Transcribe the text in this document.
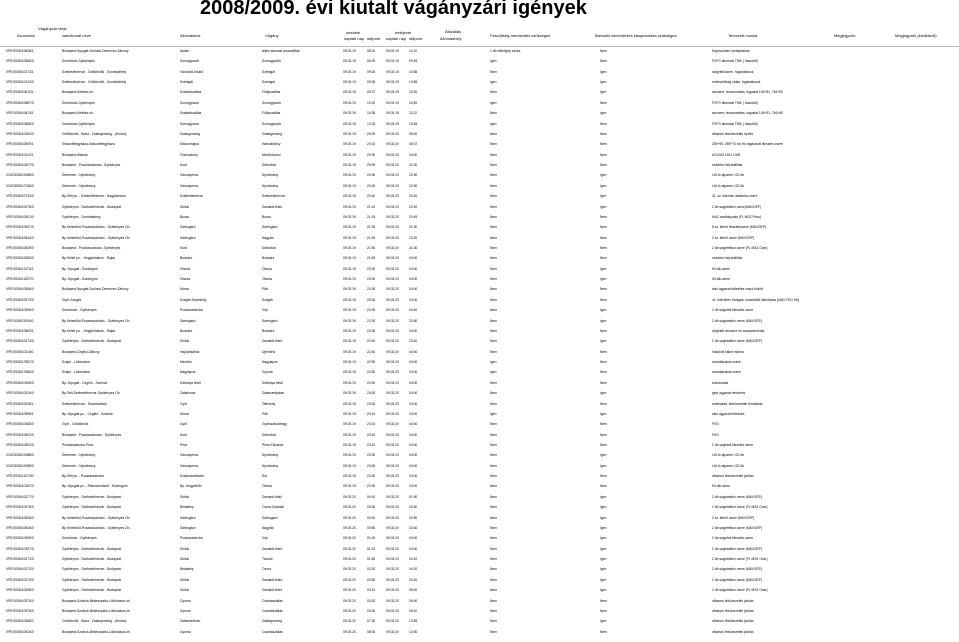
2008/2009. évi kiutalt vágányzári igények
Vágányzár ideje
Azonosító	vasútvonal neve	Állomásköz	Vágány
kezdete	befejezte
naptári nap időpont naptári nap időpont	Állomáshely
Átszállás
Feszültség-mentesítés szükséges	Biztosító-berendezés kikapcsolása szükséges	Tervezett munka	Megjegyzés	Megjegyzés (kivitelező)
VPE/2008/10638/1	Budapest-Nyugati-Szolnok-Debrecen-Záhony	Apafa	teljes átomasi áruszállítás	09.03.19	08:10	09.03.19	12:10	1 db kitérőgép szüks.	Nem	Kapcsolóterí karbantartás
VPE/2008/10586/0	Dombóvár-Gyékényes	Somogyszob	Somogyszob	09.03.19	06:20	09.03.19	09:45	Igen	Nem	FVFG átlomasi TMK ( Vasútvill)
VPE/2008/10173/1	Székesfehérvár - Celldömölk - Szombathely	Városlőd-Kislőd	Szentgál	09.03.19	09:20	09.03.19	10:55	Nem	Igen	szigetelőcsere, fogaslatosok
VPE/2008/10124/0	Székesfehérvár - Celldömölk - Szombathely	Szentgál	Szentgál	09.03.19	09:30	09.03.19	14:55	Igen	Igen	sínfeszültség oldás, fogaslatosok
VPE/2008/10612/1	Budapest-Kelebia-oh.	Szabadszállás	Fülöpszállás	09.03.19	09:37	09.03.19	10:20	Nem	Igen	sincsere, feszdombiás, fogaslat 145+51, 746+80
VPE/2008/10587/0	Dombóvár-Gyékényes	Somogyszob	Somogyszob	09.03.19	10:20	09.03.19	11:55	Igen	Nem	FVFG átlomasi TMK ( Vasútvill)
VPE/2008/10613/1	Budapest-Kelebia-oh.	Szabadszállás	Fülöpszállás	09.03.19	10:35	09.03.19	11:22	Nem	Igen	sincsere, feszdombiás, fogaslat 145+51, 746+80
VPE/2008/10588/0	Dombóvár-Gyékényes	Somogyszob	Somogyszob	09.03.19	12:20	09.03.19	13:45	Igen	Nem	FVFG átlomasi TMK ( Vasútvill)
VPE/2008/10354/0	Celldömölk - Boba - Zalaegerszeg - (Hodos)	Zalaegerszeg	Zalaegerszeg	09.03.19	20:00	09.03.20	05:00	Nem	Nem	villamos felsővezeték építés
VPE/2008/10509/1	Kiskunfélegyháza-Kiskunfélegyháza	Kiskunmajsa	Harkakötöny	09.03.19	20:10	09.03.20	05:37	Nem	Nem	259+95, 269+70 sín és ragasztott illesztés csere
VPE/2008/10112/1	Budapest-Miskolc	Füzesabony	Mezőkövesd	09.03.19	20:30	09.03.20	04:00	Nem	Nem	AS1263,1301,1309
VPE/2008/10027/0	Budapest - Pusztaszabolcs- Gyékényes	Kurd	Döbrökön	09.03.19	20:25	09.03.20	21:30	Nem	Nem	síntörés helyreállítás
VGZ/2008/10085/0	Debrecen - Nyírábrány	Vámospércs	Nyírábrány	09.03.19	20:30	09.03.20	22:50	Nem	Igen	LM vk.aljcsere 122 db
VGZ/2008/17326/0	Debrecen - Nyírábrány	Vámospércs	Nyírábrány	09.03.19	20:30	09.03.20	22:50	Nem	Igen	LM vk.aljcsere 122 db
VPE/2008/10733/0	Bp.Déli pu. - Székesfehérvár - Nagykanizsa	Székesfehérvár	Székesfehérvár	09.03.19	20:40	09.03.20	04:20	Nem	Igen	31. sz. kitérően alkatrész csere
VPE/2008/10276/0	Gyékényes - Székesfehérvár - Budapest	Siófok	Zamárdi-felső	09.03.19	21:10	09.03.20	22:40	Nem	Igen	2 db szigeteltsín csere(MÁVGÉP)
VPE/2008/10401/0	Gyékényes - Szombathely	Bucsu	Bucsu	09.03.19	21:15	09.03.20	03:45	Nem	Nem	KÁG szabályozás (FL MSZ Pécs)
VPE/2008/10547/0	Bp Kelenföld-Pusztaszabolcs - Gyékényes Oh.	Sárbogárd	Sárbogárd	09.03.19	21:30	09.03.20	21:30	Nem	Nem	8 sz. kitérő felszállócsere (MÁVGÉP)
VPE/2008/10544/0	Bp Kelenföld-Pusztaszabolcs - Gyékényes Oh.	Sárbogárd	Nagylók	09.03.19	21:40	09.03.20	23:20	Nem	Nem	2 sz. kitérő csere (MÁVGÉP)
VPE/2008/10539/0	Budapest - Pusztaszabolcs- Gyékényes	Kurd	Döbrökön	09.03.19	21:50	09.03.20	21:30	Nem	Nem	2 db szigeteltsín csere (FL MSZ Ovar)
VPE/2008/10083/0	Bp.Keleti pu. - Hegyeshalom - Rajka	Budaörs	Budaörs	09.03.19	21:50	09.03.20	04:00	Nem	Nem	síntörés helyreállítás
VPE/2008/11470/2	Bp.-Nyugati - Esztergom	Óbuda	Óbuda	09.03.19	22:00	09.03.20	04:00	Nem	Igen	Kit.alk.csere
VPE/2008/11527/0	Bp.-Nyugati - Esztergom	Óbuda	Óbuda	09.03.19	22:00	09.03.20	04:00	Nem	Igen	Kit.alk.csere
VPE/2008/10066/0	Budapest-Nyugati-Szolnok-Debrecen-Záhony	Monor	Pilis	09.03.19	22:00	09.03.20	04:00	Nem	Nem	alsó ágyazat tellesítés vasút között
VPE/2008/10973/0	Győr-Szegeli	Szegeli-Szembély	Szegeli	09.03.19	22:00	09.03.20	04:00	Nem	Nem	41. kitérőben fűvágás, összekötő kitérőakás (MÁV FKG Kft)
VPE/2008/10396/0	Dombóvár - Gyékényes	Pusztaszabolcs	Vép	09.03.19	22:00	09.03.20	04:40	Nem	Igen	2 db szigetelt illesztés csere
VPE/2008/11054/0	Bp Kelenföld-Pusztaszabolcs - Gyékényes Oh.	Sárbogárd	Sárbogárd	09.03.19	22:30	09.03.20	22:50	Nem	Igen	2 db szigeteltsín csere (MÁVGÉP)
VPE/2008/10583/1	Bp.Keleti pu. - Hegyeshalom - Rajka	Budaörs	Budaörs	09.03.19	22:30	09.03.20	04:00	Nem	Nem	szigetelt sincsere és csavarabürítás
VPE/2008/10273/0	Gyékényes - Székesfehérvár - Budapest	Siófok	Zamárdi-felső	09.03.19	22:40	09.03.20	23:40	Nem	Igen	2 db szigeteltsín csere (MÁVGÉP)
VPE/2008/10115/0	Budapest-Cegléd-Záhony	Hajdúhadház	Újfehértó	09.03.19	22:40	09.03.20	04:00	Nem	Nem	Vasútvill kábel munka
VPE/2008/17587/0	Szajol - Lőkösháza	Mezőtúr	Nagylapos	09.03.19	22:50	09.03.20	04:00	Igen	Nem	sínvállacskás csere
VPE/2008/17586/0	Szajol - Lőkösháza	Nagylapos	Gyoma	09.03.19	22:50	09.03.20	04:00	Igen	Nem	sínvállacskás csere
VPE/2008/10396/0	Bp.-Nyugati - Cegléd - Szolnok	Kőbánya felső	Kőbánya felső	09.03.19	22:50	09.03.20	04:00	Nem	Nem	sínharadás
VPE/2008/10215/0	Bp.Déli-Székesfehérvár-Gyékényes Oh.	Zalakomár	Zalaszentjakab	09.03.19	23:00	09.03.20	04:00	Nem	Igen	gépi ágyazat rendezés
VPE/2008/10035/1	Székesfehérvár - Szombathely	Győr	Öttevény	09.03.19	23:00	09.03.20	04:00	Nem	Nem	sínlerakás, felsővezeték fenntartás
VPE/2008/10596/1	Bp.-Nyugati pu. - Cegléd - Szolnok	Monor	Pilis	09.03.19	23:10	09.03.20	04:00	Igen	Igen	alsó ágyazat tellesítés
VPE/2008/10485/0	Győr - Celldömölk	Győr	Győrszabadhegy	09.03.19	23:10	09.03.20	04:00	Nem	Nem	FKG
VPE/2008/10502/0	Budapest - Pusztaszabolcs - Gyékényes	Kurd	Döbrökön	09.03.19	23:10	09.03.20	04:00	Nem	Nem	FKG
VPE/2008/10502/0	Pusztaszabolcs-Pécs	Pécs	Pécs-Külváros	09.03.19	23:10	09.03.20	04:00	Nem	Nem	2 db szigetelt illesztés csere
VGZ/2008/10088/0	Debrecen - Nyírábrány	Vámospércs	Nyírábrány	09.03.19	23:30	09.03.20	04:00	Nem	Igen	LM vk.aljcsere 122 db
VGZ/2008/10089/0	Debrecen - Nyírábrány	Vámospércs	Nyírábrány	09.03.19	23:30	09.03.20	04:00	Nem	Igen	LM vk.aljcsere 122 db
VPE/2008/11070/0	Bp.Déli pu. - Pusztaszabolcs	Százhalombatta	Érd	09.03.19	23:30	09.03.20	04:00	Nem	Nem	villamos felsővezeték javítás
VPE/2008/10187/0	Bp.-Nyugati pu. - Rákosrendező - Esztergom	Bp.-Angyalföld	Óbuda	09.03.19	23:30	09.03.20	04:00	Nem	Nem	Kit.alk.csere
VPE/2008/10277/0	Gyékényes - Székesfehérvár - Budapest	Siófok	Zamárdi-felső	09.03.20	00:10	09.03.20	01:50	Nem	Igen	2 db szigeteltsín csere (MÁVGÉP)
VPE/2008/10278/0	Gyékényes - Székesfehérvár - Budapest	Bélatelep	Ozora-Szabadi	09.03.20	00:30	09.03.20	02:50	Nem	Igen	2 db szigeteltsín csere (FL MSZ Ovar)
VPE/2008/10545/0	Bp Kelenföld-Pusztaszabolcs - Gyékényes Oh.	Sárbogárd	Sárbogárd	09.03.20	00:40	09.03.20	02:50	Nem	Igen	2 sz. kitérő csere (MÁVGÉP)
VPE/2008/10546/0	Bp Kelenföld-Pusztaszabolcs - Gyékényes Oh.	Sárbogárd	Nagylók	09.03.20	00:50	09.03.20	03:40	Nem	Igen	2 db szigeteltsín csere (MÁVGÉP)
VPE/2008/10396/0	Dombóvár - Gyékényes	Pusztaszabolcs	Vép	09.03.20	01:00	09.03.20	04:00	Nem	Igen	2 db szigetelt illesztés csere
VPE/2008/10397/0	Gyékényes - Székesfehérvár - Budapest	Siófok	Zamárdi-felső	09.03.20	01:10	09.03.20	04:00	Nem	Igen	2 db szigeteltsín csere (MÁVGÉP)
VPE/2008/10271/0	Gyékényes - Székesfehérvár - Budapest	Siófok	Tiszaőr	09.03.20	01:50	09.03.20	04:10	Nem	Igen	2 db szigeteltsín csere (FL MSZ Ovar)
VPE/2008/10272/0	Gyékényes - Székesfehérvár - Budapest	Bélatelep	Ozora	09.03.20	02:20	09.03.20	04:20	Nem	Igen	2 db szigeteltsín csere (MÁVGÉP)
VPE/2008/10279/0	Gyékényes - Székesfehérvár - Budapest	Siófok	Zamárdi-felső	09.03.20	02:50	09.03.20	04:20	Nem	Igen	2 db szigeteltsín csere (MÁVGÉP)
VPE/2008/10398/0	Gyékényes - Székesfehérvár - Budapest	Siófok	Zamárdi-felső	09.03.20	03:10	09.03.20	05:00	Nem	Igen	2 db szigeteltsín csere (FL MSZ Ovar)
VPE/2008/10375/0	Budapest-Szolnok-Békéscsaba-Lőkösháza-oh.	Gyoma	Csárdaszállás	09.03.20	03:20	09.03.20	05:00	Nem	Nem	villamos felsővezeték javítás
VPE/2008/10376/0	Budapest-Szolnok-Békéscsaba-Lőkösháza-oh.	Gyoma	Csárdaszállás	09.03.20	03:30	09.03.20	05:10	Nem	Nem	villamos felsővezeték javítás
VPE/2008/10485/2	Celldömölk - Boba - Zalaegerszeg - (Hodos)	Zalaszentiván	Zalaegerszeg	09.03.20	07:30	09.03.20	13:55	Nem	Igen	villamos felsővezeték javítás
VPE/2008/10516/0	Budapest-Szolnok-Békéscsaba-Lőkösháza-oh.	Gyoma	Csárdaszállás	09.03.20	08:00	09.03.20	14:00	Nem	Nem	villamos felsővezeték javítás
